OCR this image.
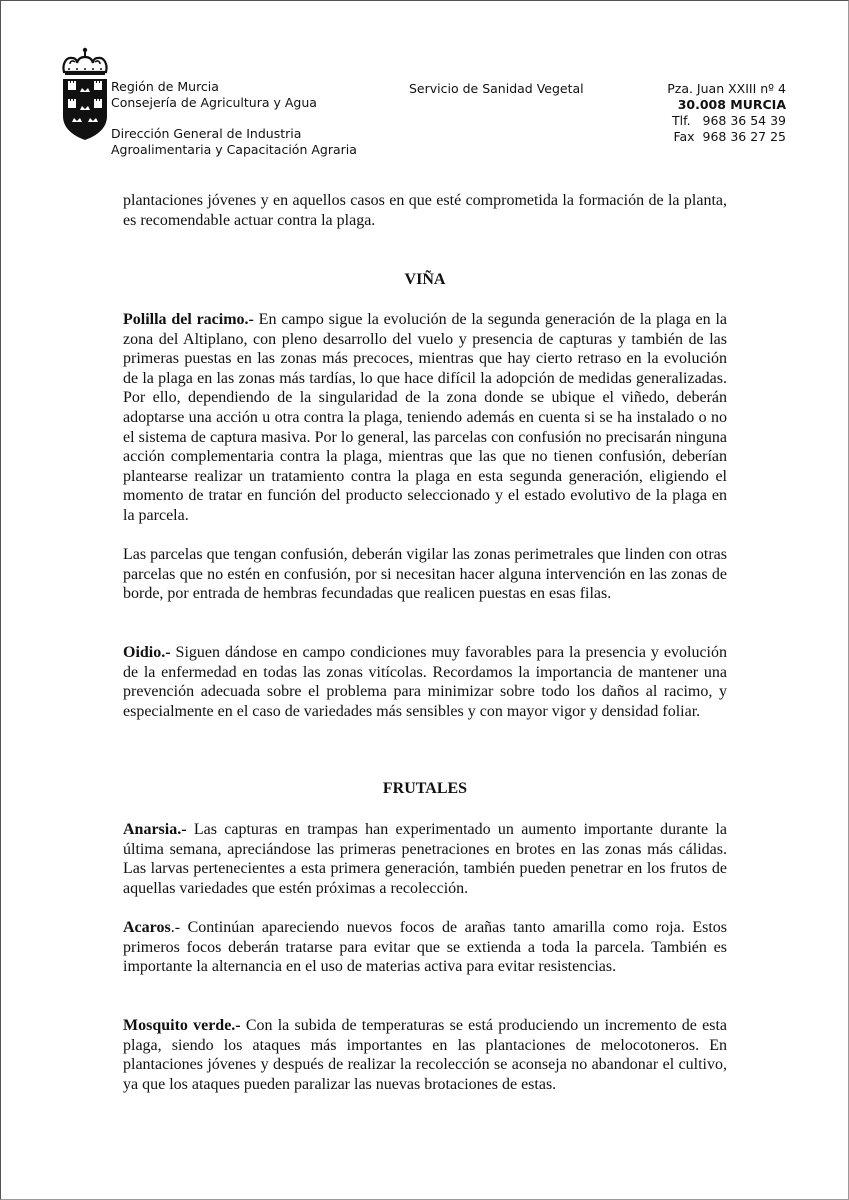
Región de Murcia
Consejería de Agricultura y Agua
Dirección General de Industria
Agroalimentaria y Capacitación Agraria
Servicio de Sanidad Vegetal	Pza. Juan XXIII nº 4
30.008 MURCIA
Tlf.   968 36 54 39
Fax  968 36 27 25

plantaciones jóvenes y en aquellos casos en que esté comprometida la formación de la planta, es recomendable actuar contra la plaga.

VIÑA

Polilla del racimo.- En campo sigue la evolución de la segunda generación de la plaga en la zona del Altiplano, con pleno desarrollo del vuelo y presencia de capturas y también de las primeras puestas en las zonas más precoces, mientras que hay cierto retraso en la evolución de la plaga en las zonas más tardías, lo que hace difícil la adopción de medidas generalizadas. Por ello, dependiendo de la singularidad de la zona donde se ubique el viñedo, deberán adoptarse una acción u otra contra la plaga, teniendo además en cuenta si se ha instalado o no el sistema de captura masiva. Por lo general, las parcelas con confusión no precisarán ninguna acción complementaria contra la plaga, mientras que las que no tienen confusión, deberían plantearse realizar un tratamiento contra la plaga en esta segunda generación, eligiendo el momento de tratar en función del producto seleccionado y el estado evolutivo de la plaga en la parcela.

Las parcelas que tengan confusión, deberán vigilar las zonas perimetrales que linden con otras parcelas que no estén en confusión, por si necesitan hacer alguna intervención en las zonas de borde, por entrada de hembras fecundadas que realicen puestas en esas filas.

Oidio.- Siguen dándose en campo condiciones muy favorables para la presencia y evolución de la enfermedad en todas las zonas vitícolas. Recordamos la importancia de mantener una prevención adecuada sobre el problema para minimizar sobre todo los daños al racimo, y especialmente en el caso de variedades más sensibles y con mayor vigor y densidad foliar.

FRUTALES

Anarsia.- Las capturas en trampas han experimentado un aumento importante durante la última semana, apreciándose las primeras penetraciones en brotes en las zonas más cálidas. Las larvas pertenecientes a esta primera generación, también pueden penetrar en los frutos de aquellas variedades que estén próximas a recolección.

Acaros.- Continúan apareciendo nuevos focos de arañas tanto amarilla como roja. Estos primeros focos deberán tratarse para evitar que se extienda a toda la parcela. También es importante la alternancia en el uso de materias activa para evitar resistencias.

Mosquito verde.- Con la subida de temperaturas se está produciendo un incremento de esta plaga, siendo los ataques más importantes en las plantaciones de melocotoneros. En plantaciones jóvenes y después de realizar la recolección se aconseja no abandonar el cultivo, ya que los ataques pueden paralizar las nuevas brotaciones de estas.
